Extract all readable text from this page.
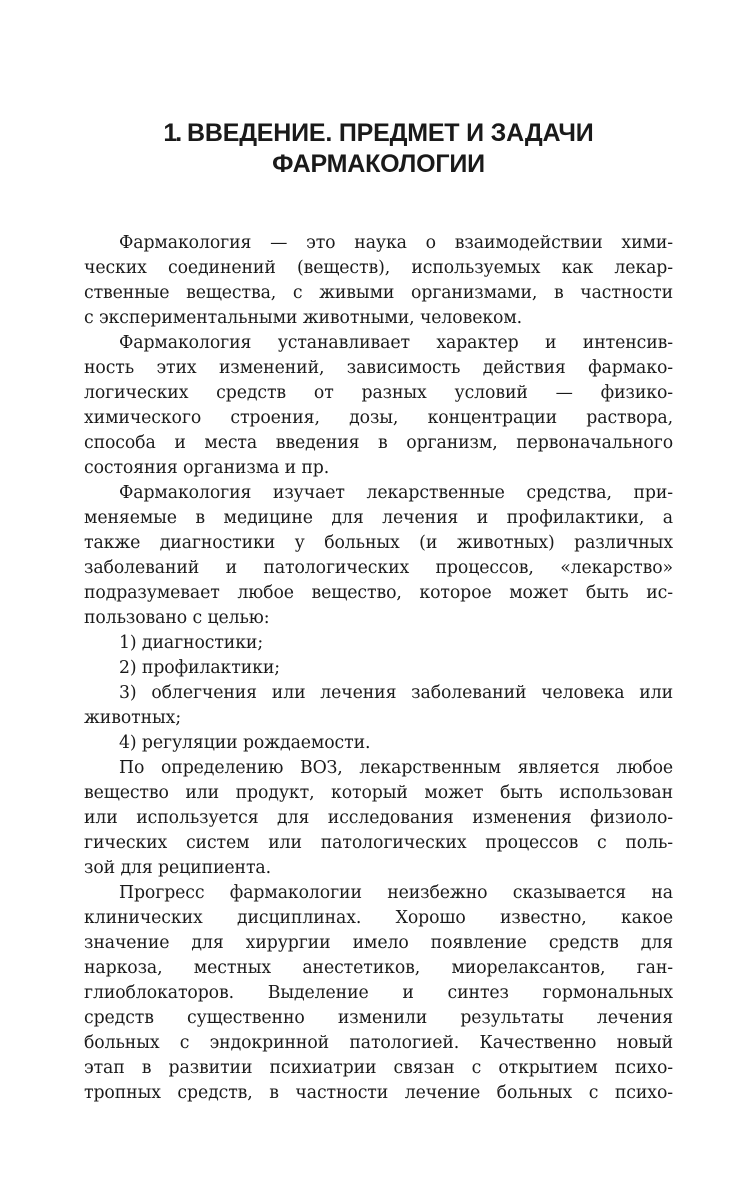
1. ВВЕДЕНИЕ. ПРЕДМЕТ И ЗАДАЧИ
ФАРМАКОЛОГИИ
Фармакология — это наука о взаимодействии хими-
ческих соединений (веществ), используемых как лекар-
ственные вещества, с живыми организмами, в частности
с экспериментальными животными, человеком.
Фармакология устанавливает характер и интенсив-
ность этих изменений, зависимость действия фармако-
логических средств от разных условий — физико-
химического строения, дозы, концентрации раствора,
способа и места введения в организм, первоначального
состояния организма и пр.
Фармакология изучает лекарственные средства, при-
меняемые в медицине для лечения и профилактики, а
также диагностики у больных (и животных) различных
заболеваний и патологических процессов, «лекарство»
подразумевает любое вещество, которое может быть ис-
пользовано с целью:
1) диагностики;
2) профилактики;
3) облегчения или лечения заболеваний человека или
животных;
4) регуляции рождаемости.
По определению ВОЗ, лекарственным является любое
вещество или продукт, который может быть использован
или используется для исследования изменения физиоло-
гических систем или патологических процессов с поль-
зой для реципиента.
Прогресс фармакологии неизбежно сказывается на
клинических дисциплинах. Хорошо известно, какое
значение для хирургии имело появление средств для
наркоза, местных анестетиков, миорелаксантов, ган-
глиоблокаторов. Выделение и синтез гормональных
средств существенно изменили результаты лечения
больных с эндокринной патологией. Качественно новый
этап в развитии психиатрии связан с открытием психо-
тропных средств, в частности лечение больных с психо-
